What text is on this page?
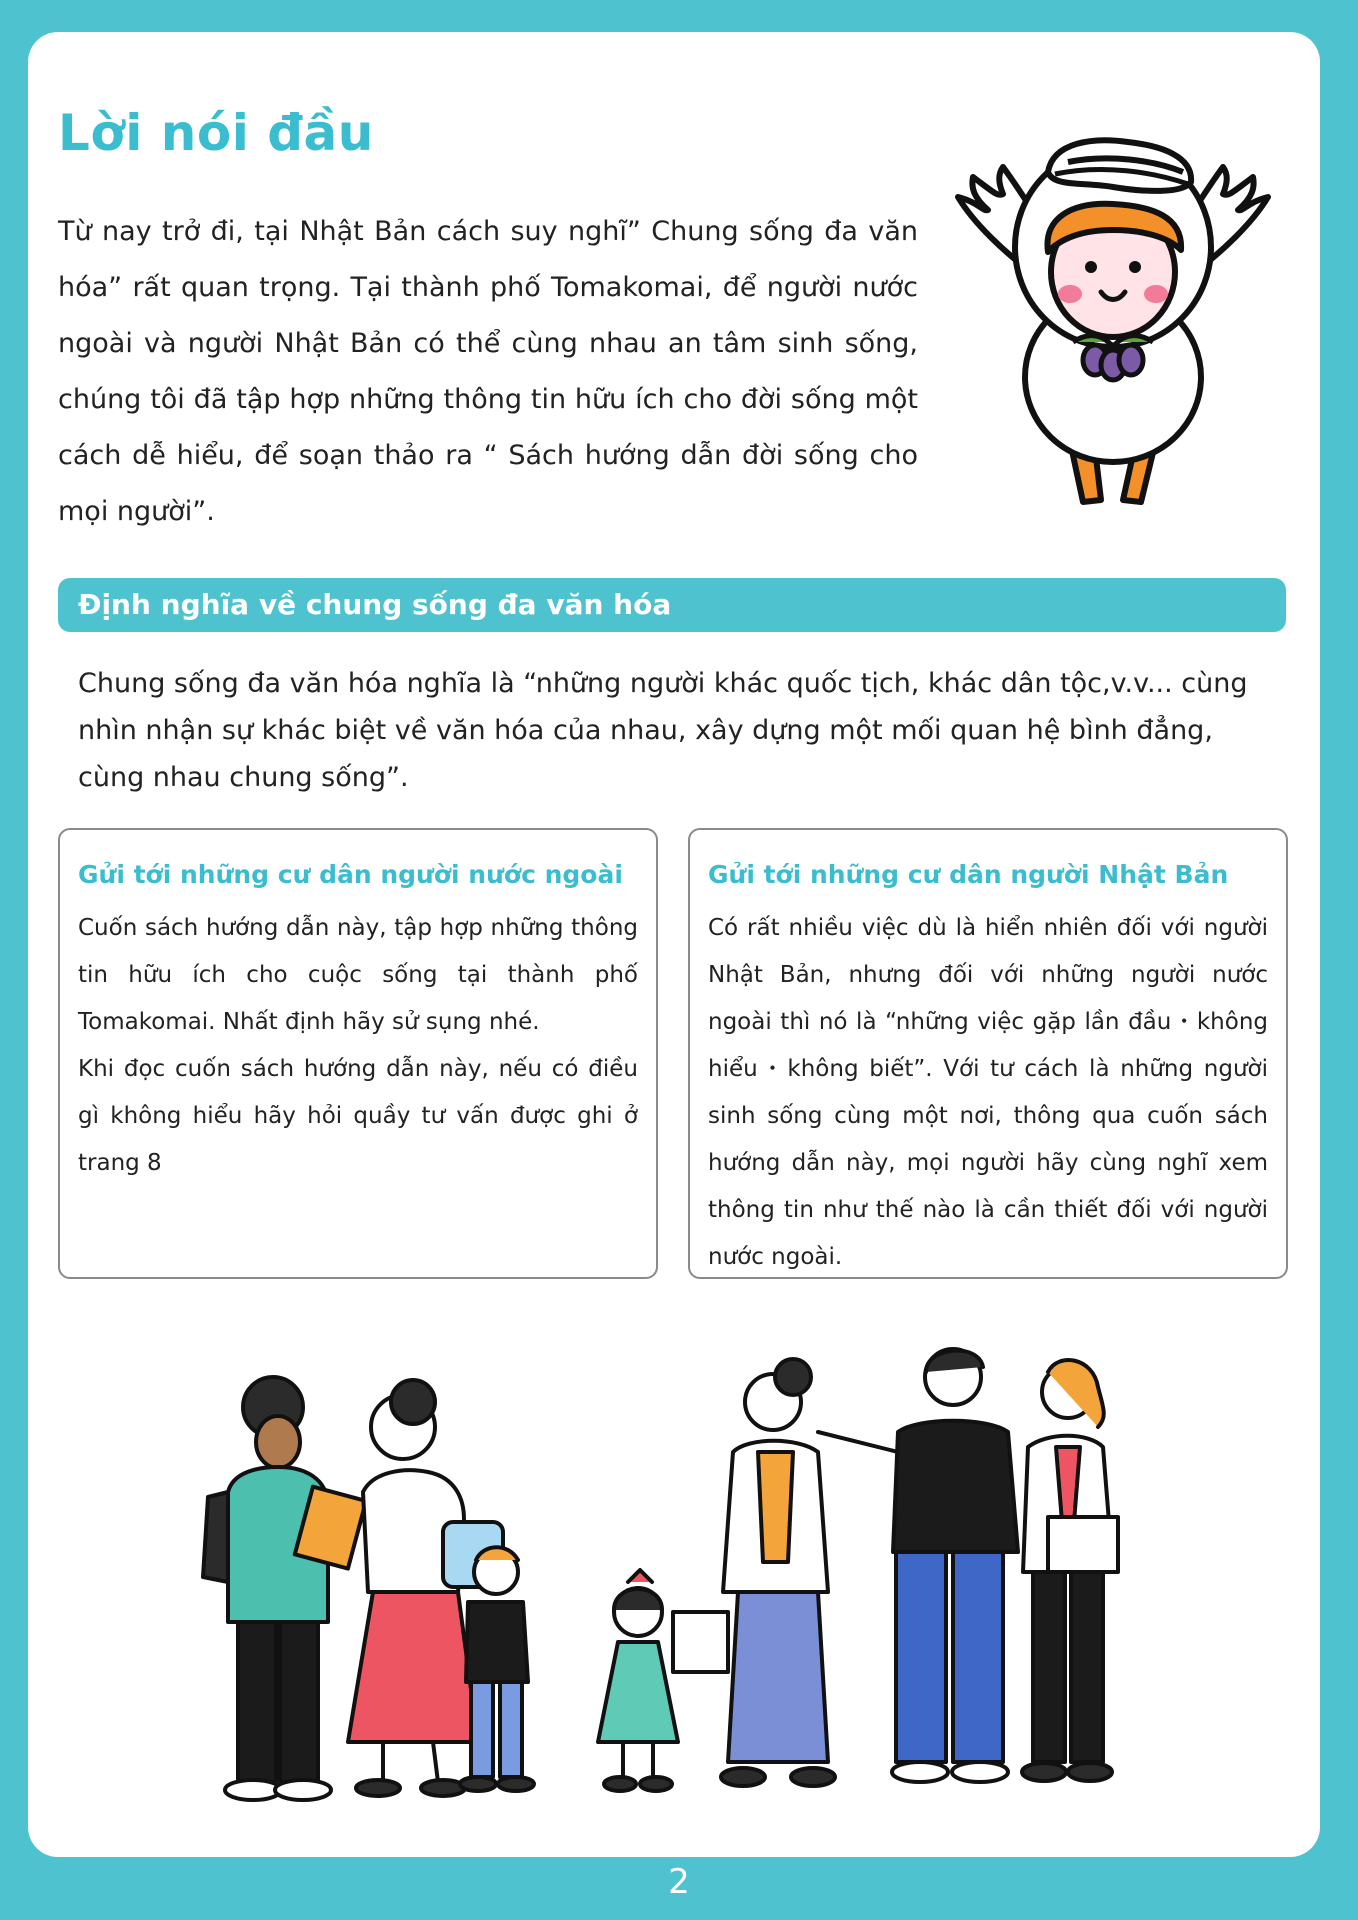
Lời nói đầu

Từ nay trở đi, tại Nhật Bản cách suy nghĩ” Chung sống đa văn hóa” rất quan trọng. Tại thành phố Tomakomai, để người nước ngoài và người Nhật Bản có thể cùng nhau an tâm sinh sống, chúng tôi đã tập hợp những thông tin hữu ích cho đời sống một cách dễ hiểu, để soạn thảo ra “ Sách hướng dẫn đời sống cho mọi người”.

Định nghĩa về chung sống đa văn hóa

Chung sống đa văn hóa nghĩa là “những người khác quốc tịch, khác dân tộc,v.v... cùng nhìn nhận sự khác biệt về văn hóa của nhau, xây dựng một mối quan hệ bình đẳng, cùng nhau chung sống”.

Gửi tới những cư dân người nước ngoài

Cuốn sách hướng dẫn này, tập hợp những thông tin hữu ích cho cuộc sống tại thành phố Tomakomai. Nhất định hãy sử sụng nhé.

Khi đọc cuốn sách hướng dẫn này, nếu có điều gì không hiểu hãy hỏi quầy tư vấn được ghi ở trang 8

Gửi tới những cư dân người Nhật Bản

Có rất nhiều việc dù là hiển nhiên đối với người Nhật Bản, nhưng đối với những người nước ngoài thì nó là “những việc gặp lần đầu・không hiểu・không biết”. Với tư cách là những người sinh sống cùng một nơi, thông qua cuốn sách hướng dẫn này, mọi người hãy cùng nghĩ xem thông tin như thế nào là cần thiết đối với người nước ngoài.

2
